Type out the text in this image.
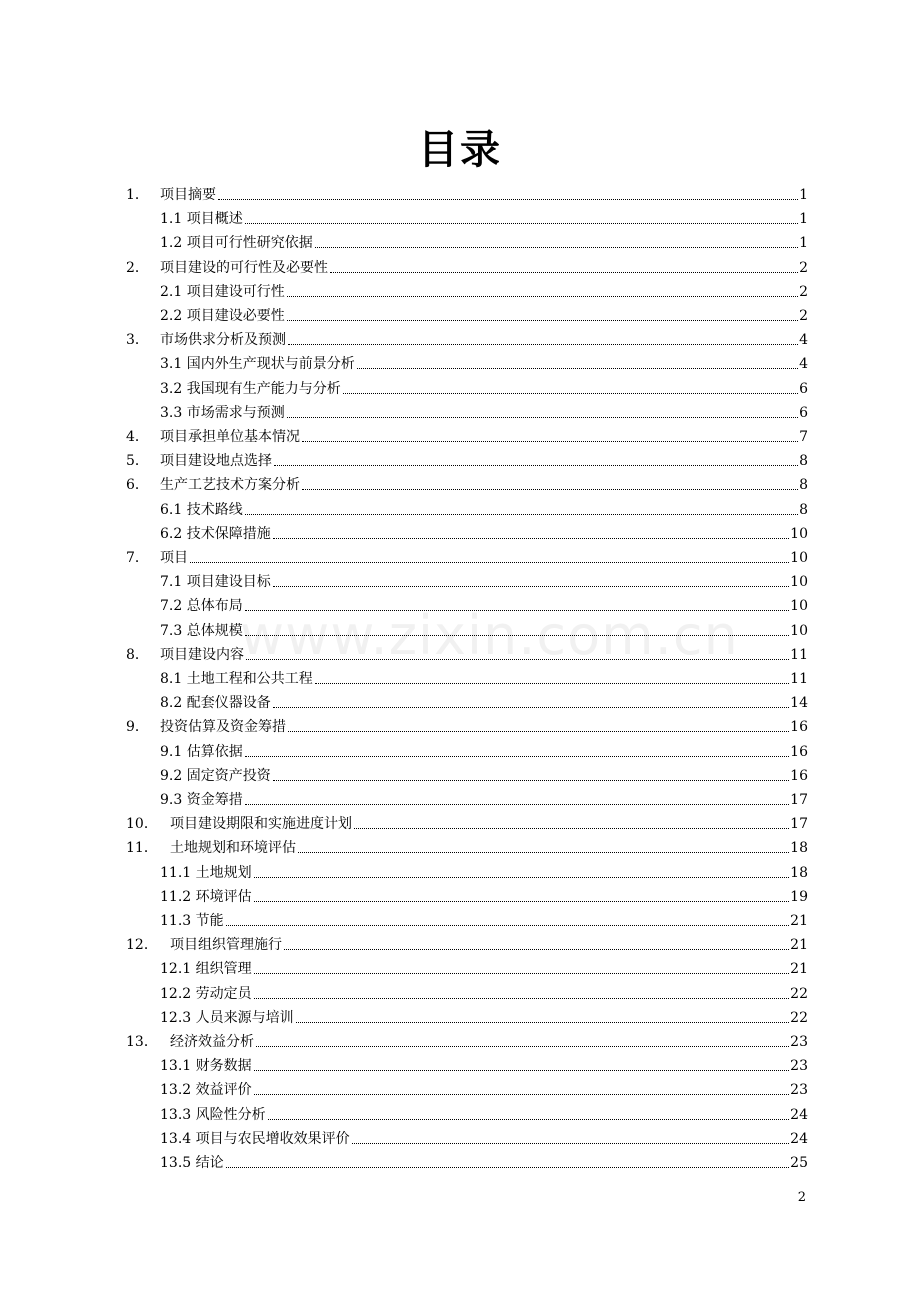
目录
www.zixin.com.cn
1． 项目摘要	1
1.1 项目概述	1
1.2 项目可行性研究依据	1
2． 项目建设的可行性及必要性	2
2.1 项目建设可行性	2
2.2 项目建设必要性	2
3． 市场供求分析及预测	4
3.1 国内外生产现状与前景分析	4
3.2 我国现有生产能力与分析	6
3.3 市场需求与预测	6
4． 项目承担单位基本情况	7
5． 项目建设地点选择	8
6． 生产工艺技术方案分析	8
6.1 技术路线	8
6.2 技术保障措施	10
7． 项目	10
7.1 项目建设目标	10
7.2 总体布局	10
7.3 总体规模	10
8． 项目建设内容	11
8.1 土地工程和公共工程	11
8.2 配套仪器设备	14
9． 投资估算及资金筹措	16
9.1 估算依据	16
9.2 固定资产投资	16
9.3 资金筹措	17
10． 项目建设期限和实施进度计划	17
11． 土地规划和环境评估	18
11.1 土地规划	18
11.2 环境评估	19
11.3 节能	21
12． 项目组织管理施行	21
12.1 组织管理	21
12.2 劳动定员	22
12.3 人员来源与培训	22
13． 经济效益分析	23
13.1 财务数据	23
13.2 效益评价	23
13.3 风险性分析	24
13.4 项目与农民增收效果评价	24
13.5 结论	25
2
